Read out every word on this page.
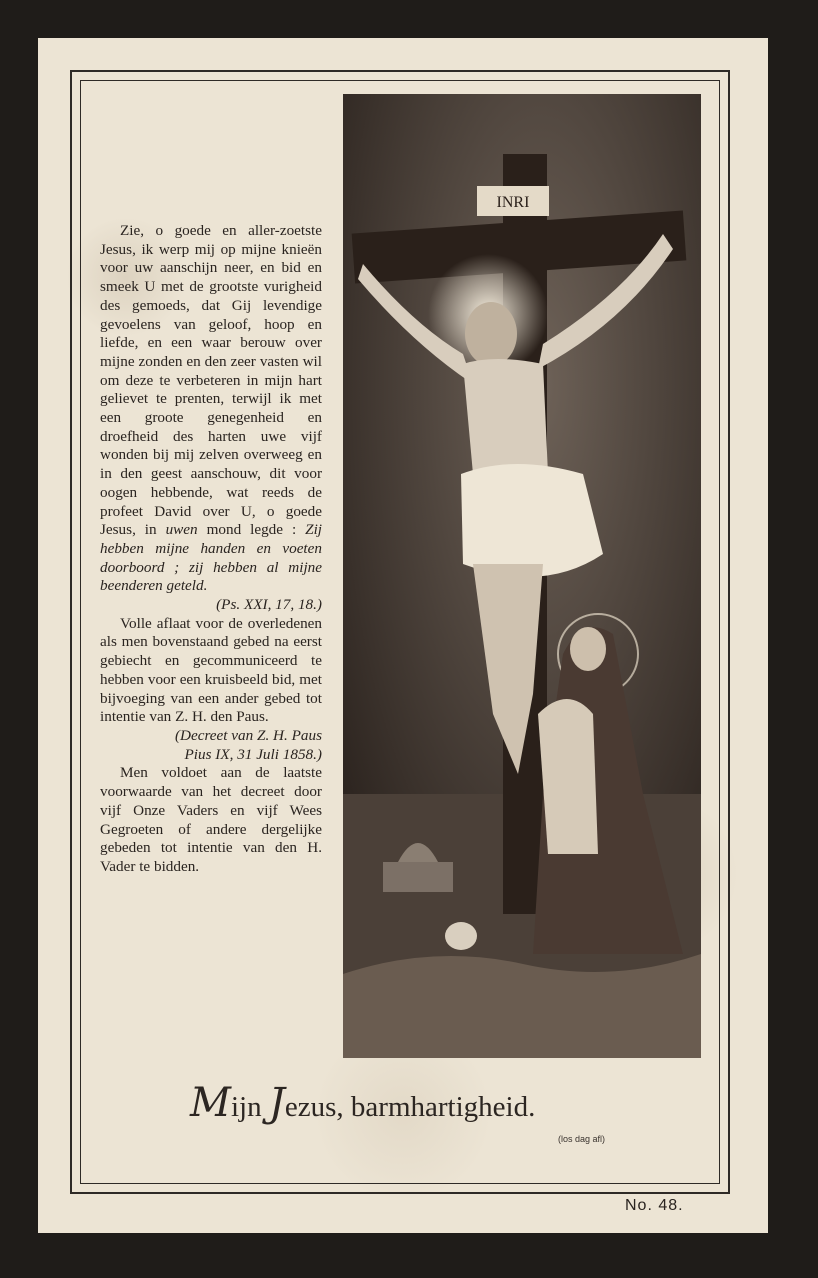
Zie, o goede en aller-zoetste Jesus, ik werp mij op mijne knieën voor uw aanschijn neer, en bid en smeek U met de grootste vurigheid des gemoeds, dat Gij levendige gevoelens van geloof, hoop en liefde, en een waar berouw over mijne zonden en den zeer vasten wil om deze te verbeteren in mijn hart gelievet te prenten, terwijl ik met een groote genegenheid en droefheid des harten uwe vijf wonden bij mij zelven overweeg en in den geest aanschouw, dit voor oogen hebbende, wat reeds de profeet David over U, o goede Jesus, in uwen mond legde : Zij hebben mijne handen en voeten doorboord ; zij hebben al mijne beenderen geteld.

(Ps. XXI, 17, 18.)

Volle aflaat voor de overledenen als men bovenstaand gebed na eerst gebiecht en gecommuniceerd te hebben voor een kruisbeeld bid, met bijvoeging van een ander gebed tot intentie van Z. H. den Paus.

(Decreet van Z. H. Paus

Pius IX, 31 Juli 1858.)

Men voldoet aan de laatste voorwaarde van het decreet door vijf Onze Vaders en vijf Wees Gegroeten of andere dergelijke gebeden tot intentie van den H. Vader te bidden.

INRI
Mijn Jezus, barmhartigheid.
(los dag afl)
No. 48.
